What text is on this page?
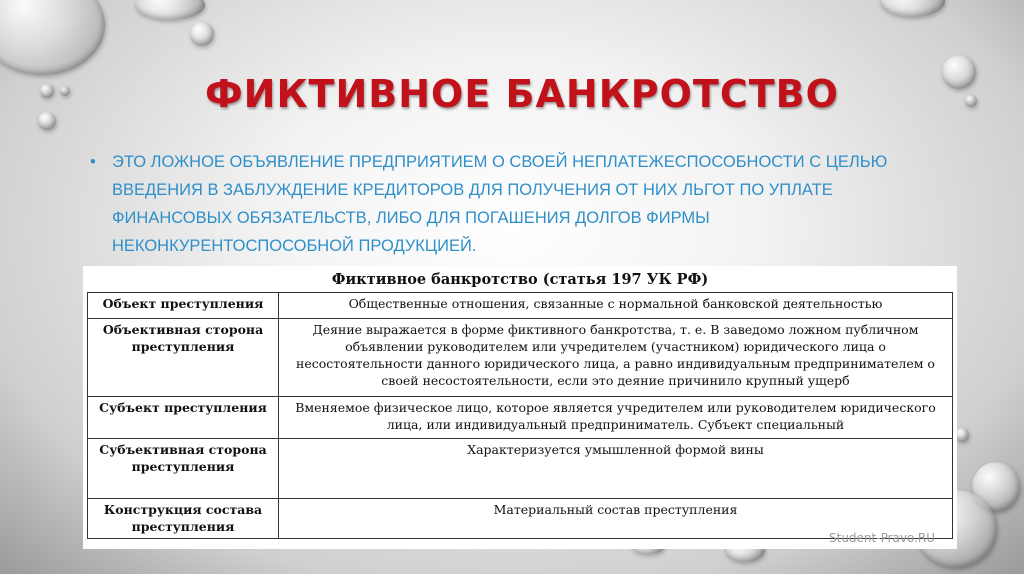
ФИКТИВНОЕ БАНКРОТСТВО
• ЭТО ЛОЖНОЕ ОБЪЯВЛЕНИЕ ПРЕДПРИЯТИЕМ О СВОЕЙ НЕПЛАТЕЖЕСПОСОБНОСТИ С ЦЕЛЬЮ ВВЕДЕНИЯ В ЗАБЛУЖДЕНИЕ КРЕДИТОРОВ ДЛЯ ПОЛУЧЕНИЯ ОТ НИХ ЛЬГОТ ПО УПЛАТЕ ФИНАНСОВЫХ ОБЯЗАТЕЛЬСТВ, ЛИБО ДЛЯ ПОГАШЕНИЯ ДОЛГОВ ФИРМЫ НЕКОНКУРЕНТОСПОСОБНОЙ ПРОДУКЦИЕЙ.
Фиктивное банкротство (статья 197 УК РФ)
Объект преступления	Общественные отношения, связанные с нормальной банковской деятельностью
Объективная сторона преступления	Деяние выражается в форме фиктивного банкротства, т. е. В заведомо ложном публичном объявлении руководителем или учредителем (участником) юридического лица о несостоятельности данного юридического лица, а равно индивидуальным предпринимателем о своей несостоятельности, если это деяние причинило крупный ущерб
Субъект преступления	Вменяемое физическое лицо, которое является учредителем или руководителем юридического лица, или индивидуальный предприниматель. Субъект специальный
Субъективная сторона преступления	Характеризуется умышленной формой вины
Конструкция состава преступления	Материальный состав преступления
Student-Pravo.RU
